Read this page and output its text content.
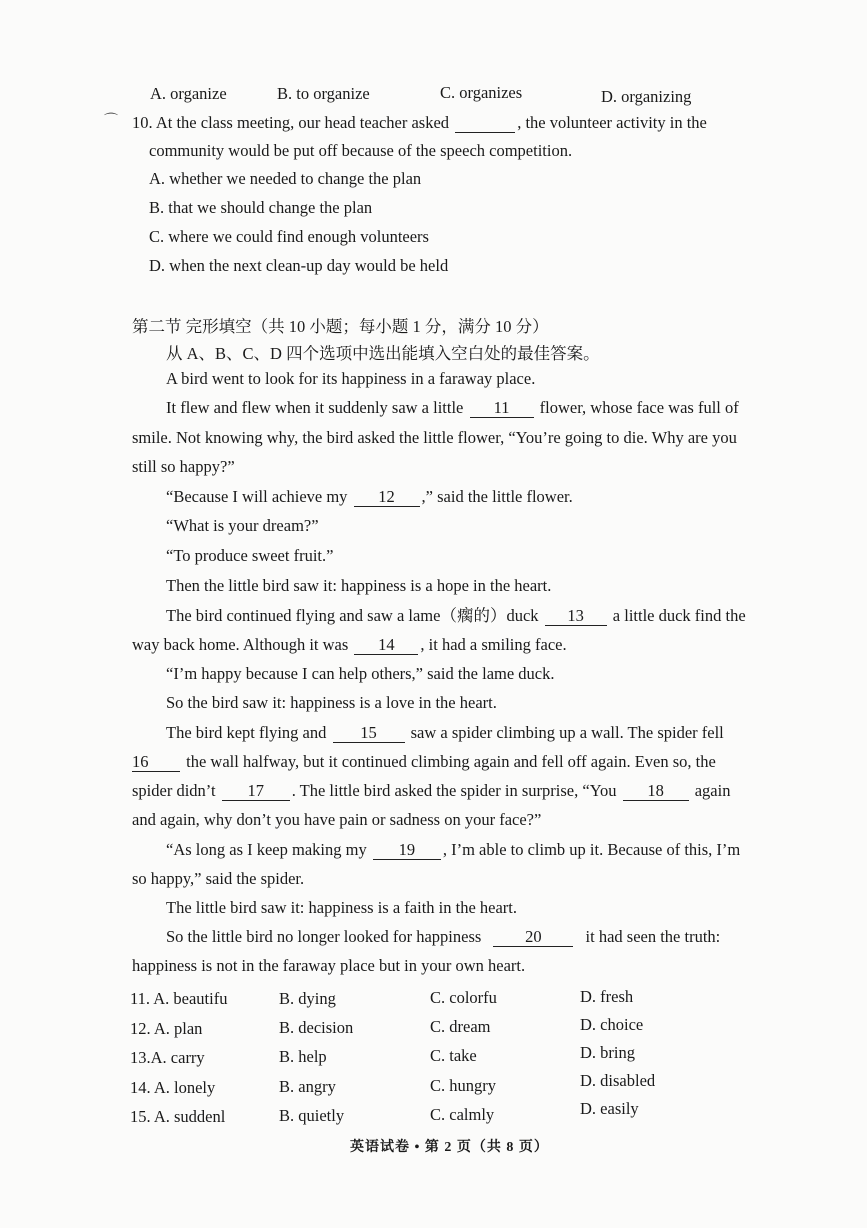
A. organize	B. to organize	C. organizes	D. organizing
⌒ 10. At the class meeting, our head teacher asked	, the volunteer activity in the
community would be put off because of the speech competition.
A. whether we needed to change the plan
B. that we should change the plan
C. where we could find enough volunteers
D. when the next clean-up day would be held
第二节 完形填空（共 10 小题；每小题 1 分，满分 10 分）
从 A、B、C、D 四个选项中选出能填入空白处的最佳答案。
A bird went to look for its happiness in a faraway place.
It flew and flew when it suddenly saw a little 11 flower, whose face was full of
smile. Not knowing why, the bird asked the little flower, “You’re going to die. Why are you
still so happy?”
“Because I will achieve my 12 ,” said the little flower.
“What is your dream?”
“To produce sweet fruit.”
Then the little bird saw it: happiness is a hope in the heart.
The bird continued flying and saw a lame（瘸的）duck 13 a little duck find the
way back home. Although it was 14 , it had a smiling face.
“I’m happy because I can help others,” said the lame duck.
So the bird saw it: happiness is a love in the heart.
The bird kept flying and 15 saw a spider climbing up a wall. The spider fell
16 the wall halfway, but it continued climbing again and fell off again. Even so, the
spider didn’t 17 . The little bird asked the spider in surprise, “You 18 again
and again, why don’t you have pain or sadness on your face?”
“As long as I keep making my 19 , I’m able to climb up it. Because of this, I’m
so happy,” said the spider.
The little bird saw it: happiness is a faith in the heart.
So the little bird no longer looked for happiness	20	it had seen the truth:
happiness is not in the faraway place but in your own heart.
11. A. beautifu	B. dying	C. colorfu	D. fresh
12. A. plan	B. decision	C. dream	D. choice
13.A. carry	B. help	C. take	D. bring
14. A. lonely	B. angry	C. hungry	D. disabled
15. A. suddenl	B. quietly	C. calmly	D. easily
英语试卷 • 第 2 页（共 8 页）
